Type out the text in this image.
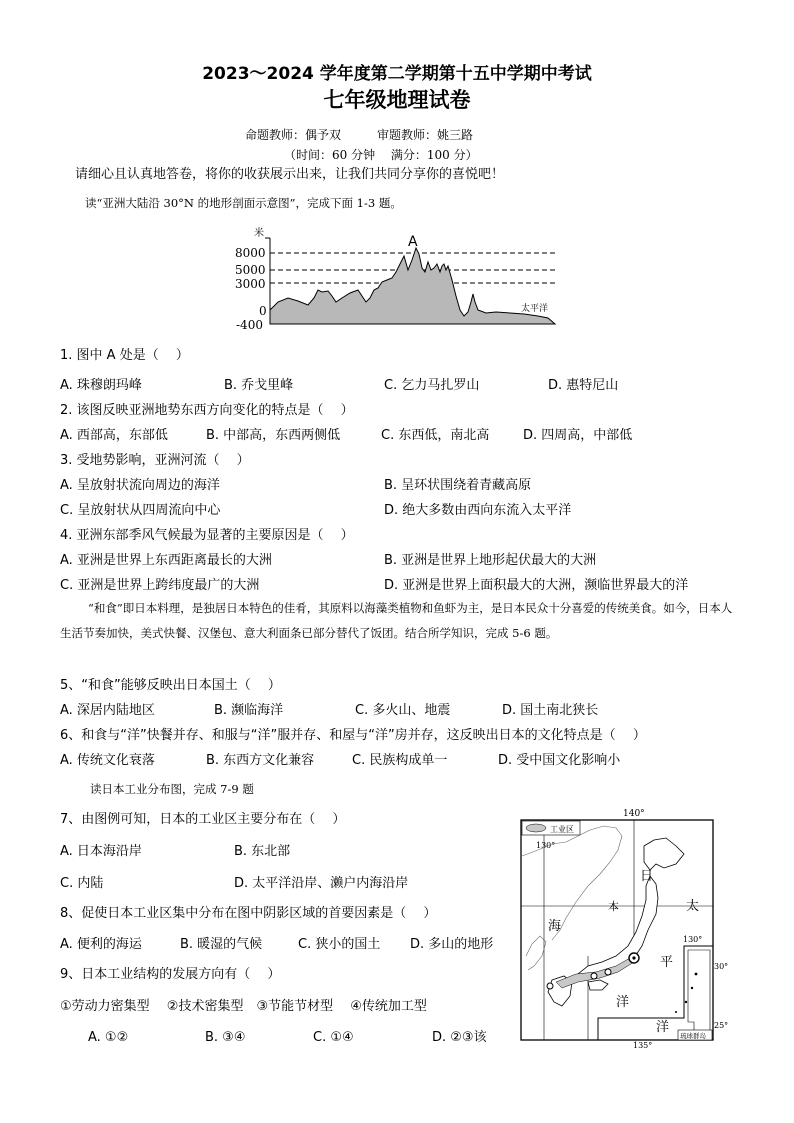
2023～2024 学年度第二学期第十五中学期中考试
七年级地理试卷
命题教师：偶予双　　　审题教师：姚三路
（时间：60 分钟　 满分：100 分）
请细心且认真地答卷，将你的收获展示出来，让我们共同分享你的喜悦吧！
读“亚洲大陆沿 30°N 的地形剖面示意图”，完成下面 1-3 题。
米
8000
5000
3000
0
-400
A
太平洋
1. 图中 A 处是（　 ）
A. 珠穆朗玛峰	B. 乔戈里峰	C. 乞力马扎罗山	D. 惠特尼山
2. 该图反映亚洲地势东西方向变化的特点是（　 ）
A. 西部高，东部低	B. 中部高，东西两侧低	C. 东西低，南北高	D. 四周高，中部低
3. 受地势影响，亚洲河流（　 ）
A. 呈放射状流向周边的海洋	B. 呈环状围绕着青藏高原
C. 呈放射状从四周流向中心	D. 绝大多数由西向东流入太平洋
4. 亚洲东部季风气候最为显著的主要原因是（　 ）
A. 亚洲是世界上东西距离最长的大洲	B. 亚洲是世界上地形起伏最大的大洲
C. 亚洲是世界上跨纬度最广的大洲	D. 亚洲是世界上面积最大的大洲，濒临世界最大的洋
“和食”即日本料理，是独居日本特色的佳肴，其原料以海藻类植物和鱼虾为主，是日本民众十分喜爱的传统美食。如今，日本人生活节奏加快，美式快餐、汉堡包、意大利面条已部分替代了饭团。结合所学知识，完成 5-6 题。
5、“和食”能够反映出日本国土（　 ）
A. 深居内陆地区	B. 濒临海洋	C. 多火山、地震	D. 国土南北狭长
6、和食与“洋”快餐并存、和服与“洋”服并存、和屋与“洋”房并存，这反映出日本的文化特点是（　 ）
A. 传统文化衰落	B. 东西方文化兼容	C. 民族构成单一	D. 受中国文化影响小
读日本工业分布图，完成 7-9 题
7、由图例可知，日本的工业区主要分布在（　 ）
A. 日本海沿岸	B. 东北部
C. 内陆	D. 太平洋沿岸、濑户内海沿岸
8、促使日本工业区集中分布在图中阴影区域的首要因素是（　 ）
A. 便利的海运	B. 暖湿的气候	C. 狭小的国土 D. 多山的地形
9、日本工业结构的发展方向有（　 ）
①劳动力密集型　 ②技术密集型　③节能节材型　 ④传统加工型
A. ①②	B. ③④	C. ①④	D. ②③该
工业区
140°
130°
130°
30°
25°
135°
日
本	太
海
平
洋
洋
琉球群岛
